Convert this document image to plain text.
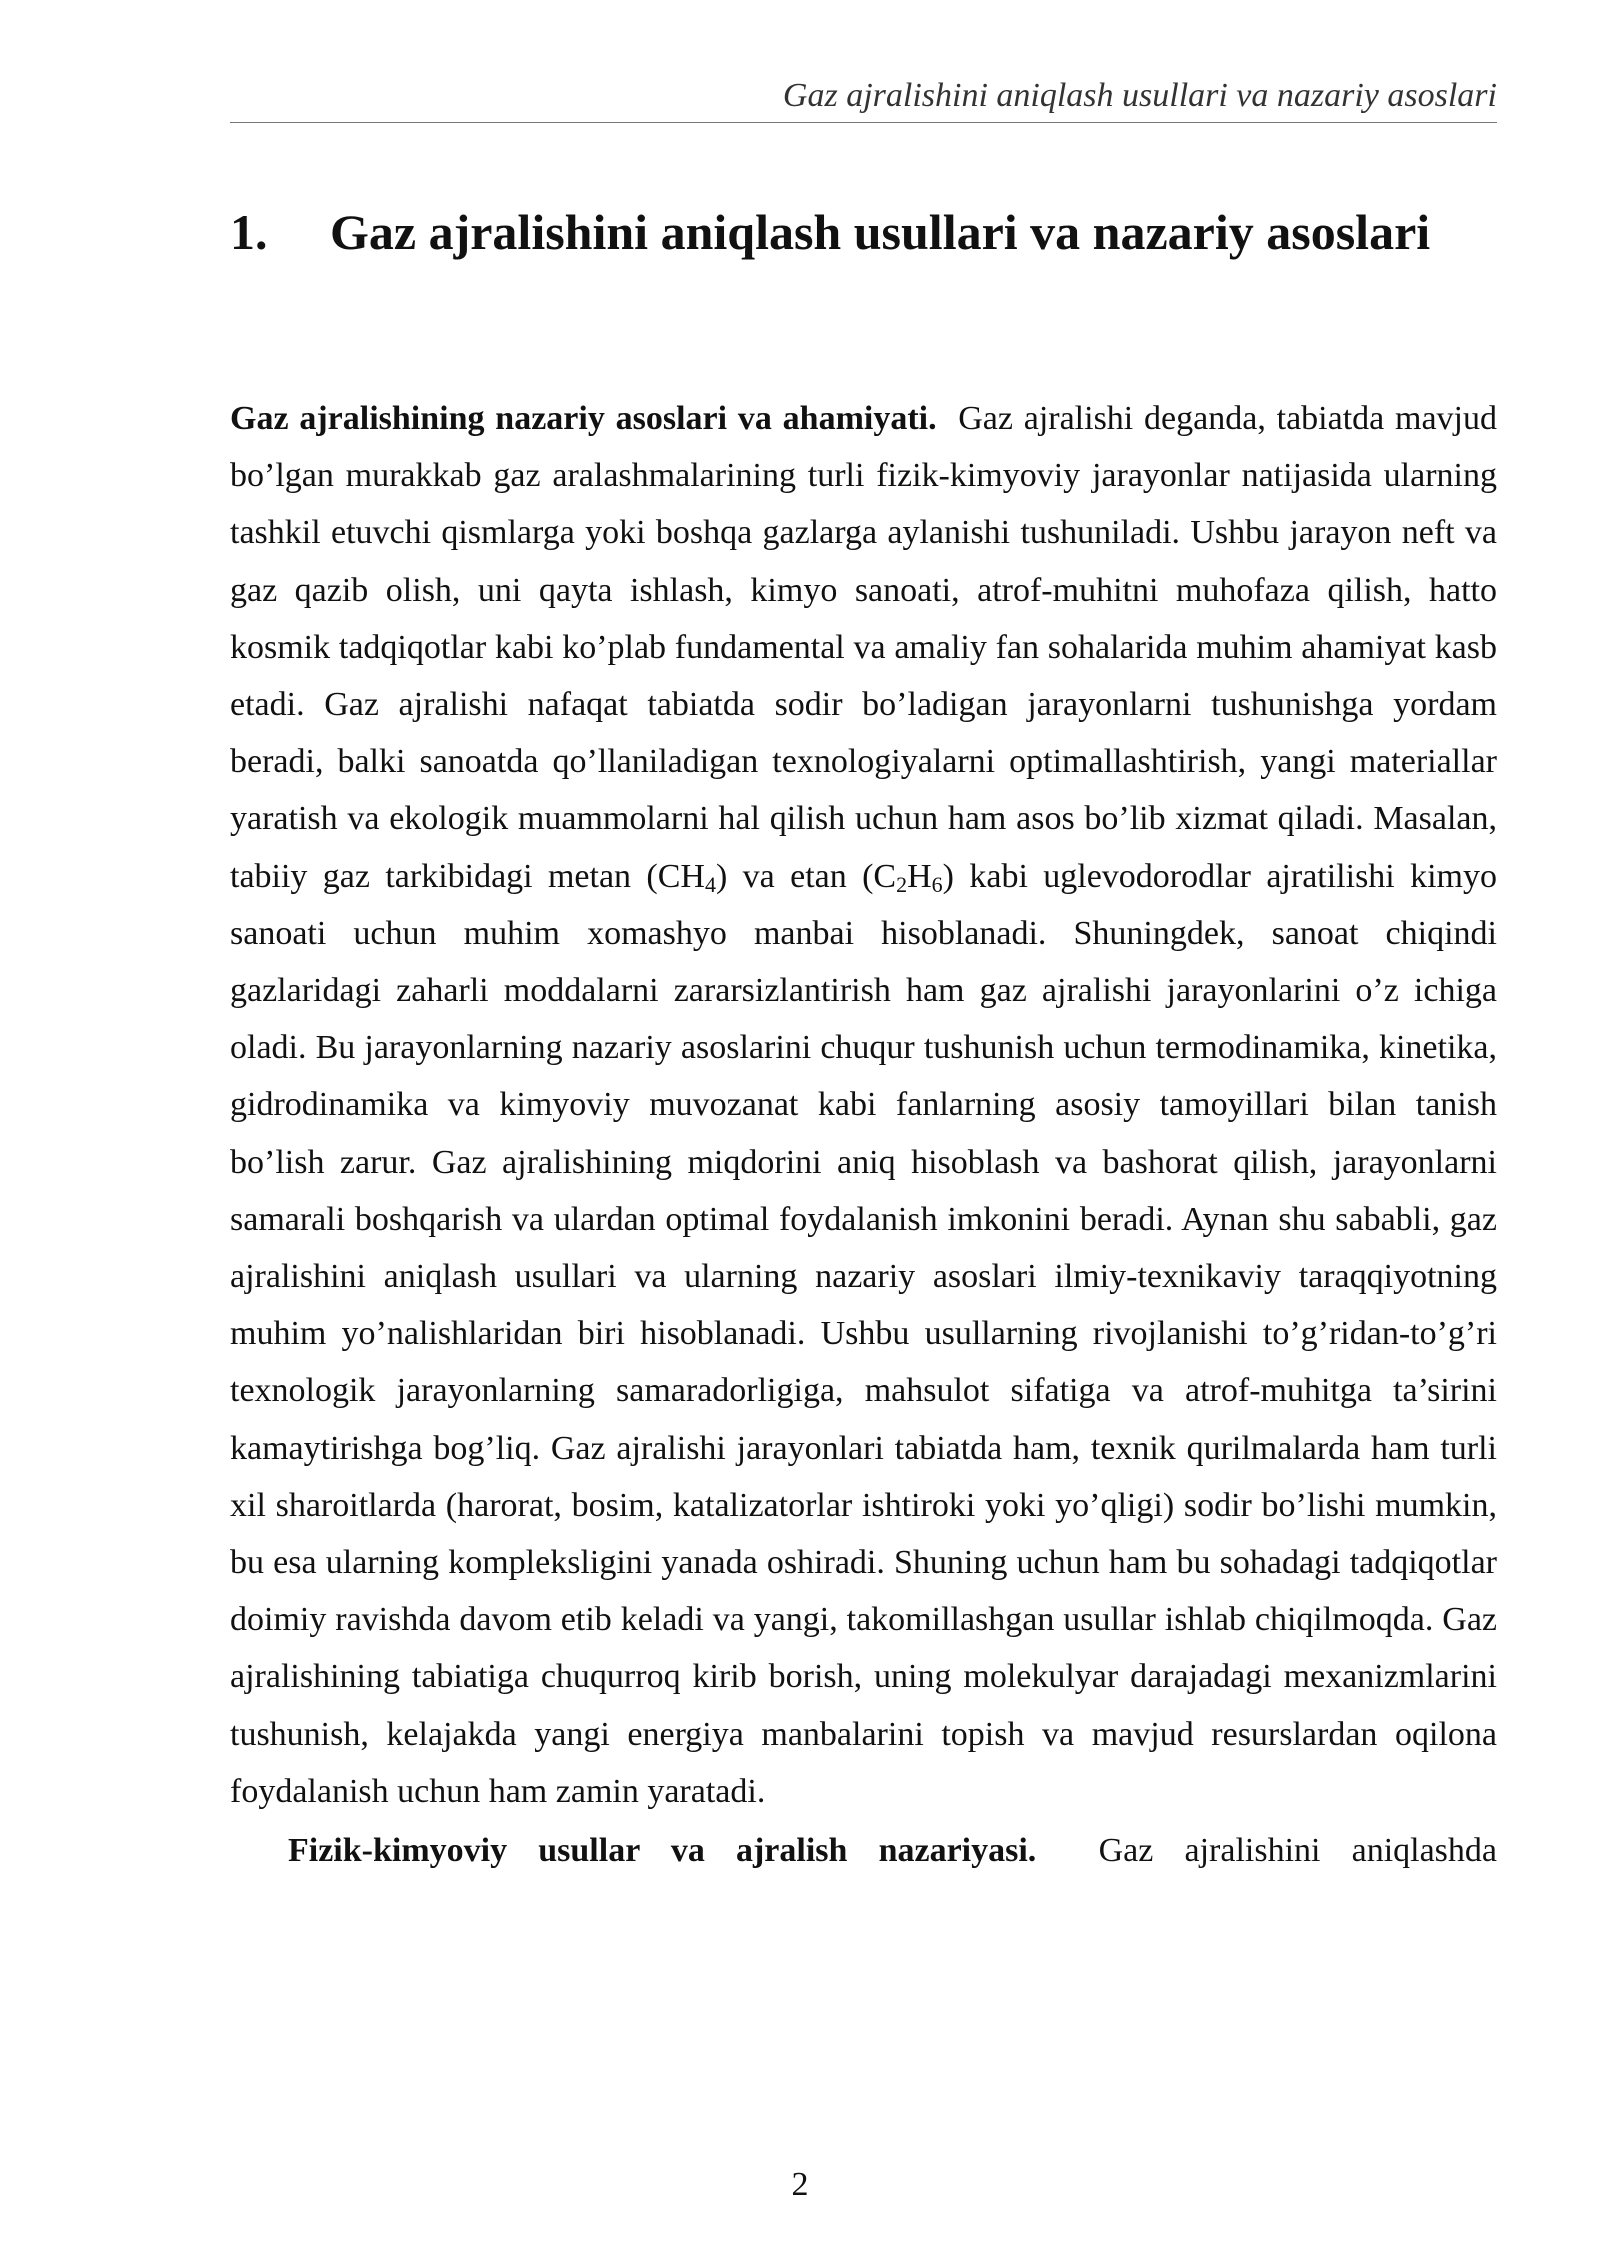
Gaz ajralishini aniqlash usullari va nazariy asoslari
1.	Gaz ajralishini aniqlash usullari va nazariy asoslari

Gaz ajralishining nazariy asoslari va ahamiyati. Gaz ajralishi deganda, tabiatda mavjud bo’lgan murakkab gaz aralashmalarining turli fizik-kimyoviy jarayonlar natijasida ularning tashkil etuvchi qismlarga yoki boshqa gazlarga aylanishi tushuniladi. Ushbu jarayon neft va gaz qazib olish, uni qayta ishlash, kimyo sanoati, atrof-muhitni muhofaza qilish, hatto kosmik tadqiqotlar kabi ko’plab fundamental va amaliy fan sohalarida muhim ahamiyat kasb etadi. Gaz ajralishi nafaqat tabiatda sodir bo’ladigan jarayonlarni tushunishga yordam beradi, balki sanoatda qo’llaniladigan texnologiyalarni optimallashtirish, yangi materiallar yaratish va ekologik muammolarni hal qilish uchun ham asos bo’lib xizmat qiladi. Masalan, tabiiy gaz tarkibidagi metan $(CH_4)$ va etan $(C_2H_6)$ kabi uglevodorodlar ajratilishi kimyo sanoati uchun muhim xomashyo manbai hisoblanadi. Shuningdek, sanoat chiqindi gazlaridagi zaharli moddalarni zararsizlantirish ham gaz ajralishi jarayonlarini o’z ichiga oladi. Bu jarayonlarning nazariy asoslarini chuqur tushunish uchun termodinamika, kinetika, gidrodinamika va kimyoviy muvozanat kabi fanlarning asosiy tamoyillari bilan tanish bo’lish zarur. Gaz ajralishining miqdorini aniq hisoblash va bashorat qilish, jarayonlarni samarali boshqarish va ulardan optimal foydalanish imkonini beradi. Aynan shu sababli, gaz ajralishini aniqlash usullari va ularning nazariy asoslari ilmiy-texnikaviy taraqqiyotning muhim yo’nalishlaridan biri hisoblanadi. Ushbu usullarning rivojlanishi to’g’ridan-to’g’ri texnologik jarayonlarning samaradorligiga, mahsulot sifatiga va atrof-muhitga ta’sirini kamaytirishga bog’liq. Gaz ajralishi jarayonlari tabiatda ham, texnik qurilmalarda ham turli xil sharoitlarda (harorat, bosim, katalizatorlar ishtiroki yoki yo’qligi) sodir bo’lishi mumkin, bu esa ularning kompleksligini yanada oshiradi. Shuning uchun ham bu sohadagi tadqiqotlar doimiy ravishda davom etib keladi va yangi, takomillashgan usullar ishlab chiqilmoqda. Gaz ajralishining tabiatiga chuqurroq kirib borish, uning molekulyar darajadagi mexanizmlarini tushunish, kelajakda yangi energiya manbalarini topish va mavjud resurslardan oqilona foydalanish uchun ham zamin yaratadi.

Fizik-kimyoviy usullar va ajralish nazariyasi. Gaz ajralishini aniqlashda

2
